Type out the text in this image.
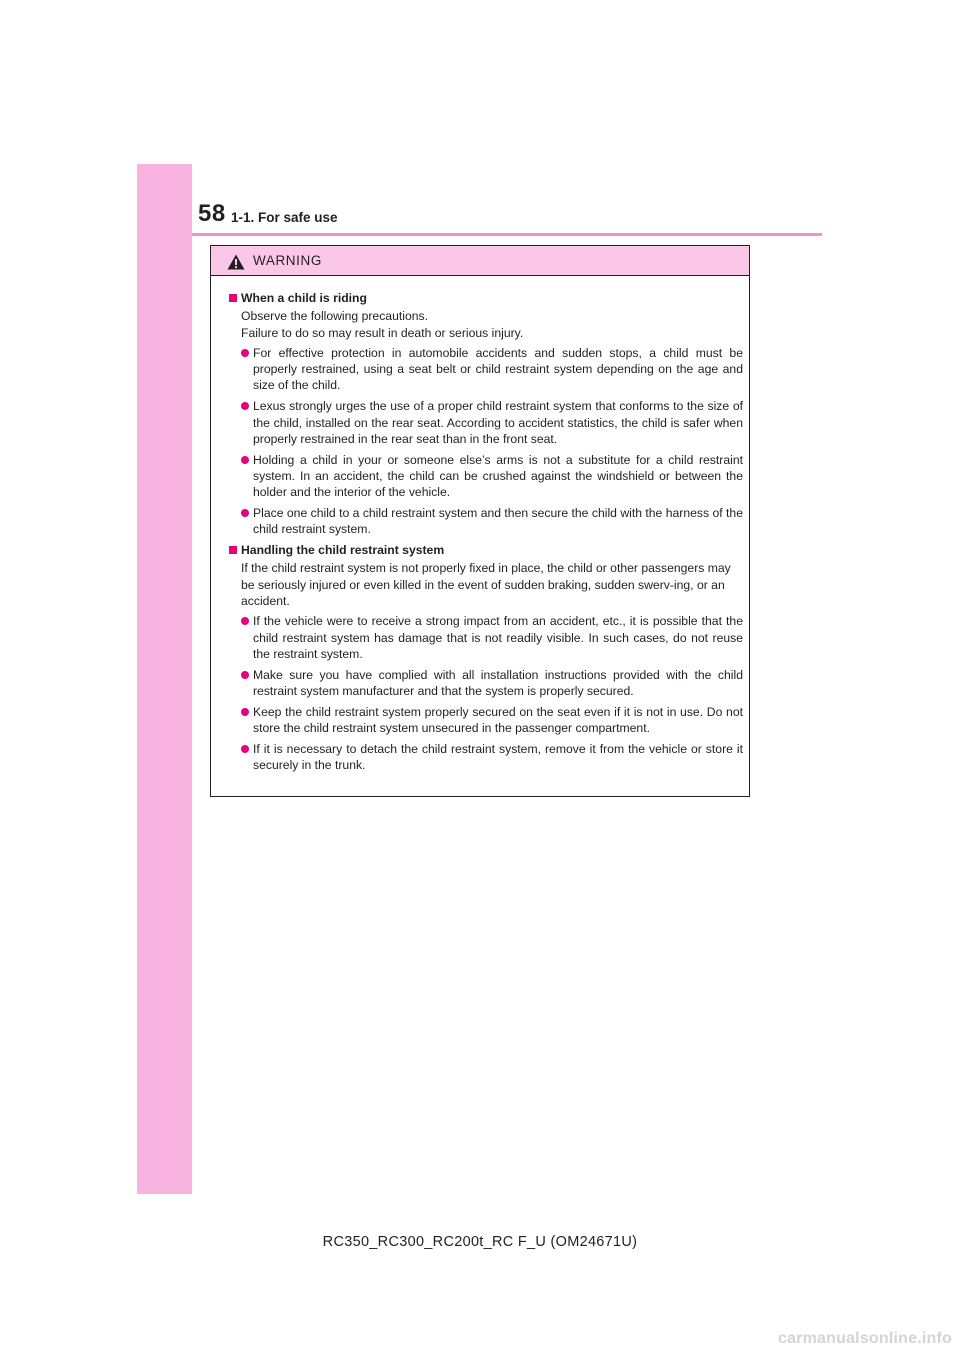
58 1-1. For safe use
WARNING
When a child is riding
Observe the following precautions.
Failure to do so may result in death or serious injury.
For effective protection in automobile accidents and sudden stops, a child must be properly restrained, using a seat belt or child restraint system depending on the age and size of the child.
Lexus strongly urges the use of a proper child restraint system that conforms to the size of the child, installed on the rear seat. According to accident statistics, the child is safer when properly restrained in the rear seat than in the front seat.
Holding a child in your or someone else’s arms is not a substitute for a child restraint system. In an accident, the child can be crushed against the windshield or between the holder and the interior of the vehicle.
Place one child to a child restraint system and then secure the child with the harness of the child restraint system.
Handling the child restraint system
If the child restraint system is not properly fixed in place, the child or other passengers may be seriously injured or even killed in the event of sudden braking, sudden swerv-ing, or an accident.
If the vehicle were to receive a strong impact from an accident, etc., it is possible that the child restraint system has damage that is not readily visible. In such cases, do not reuse the restraint system.
Make sure you have complied with all installation instructions provided with the child restraint system manufacturer and that the system is properly secured.
Keep the child restraint system properly secured on the seat even if it is not in use. Do not store the child restraint system unsecured in the passenger compartment.
If it is necessary to detach the child restraint system, remove it from the vehicle or store it securely in the trunk.
RC350_RC300_RC200t_RC F_U (OM24671U)
carmanualsonline.info
